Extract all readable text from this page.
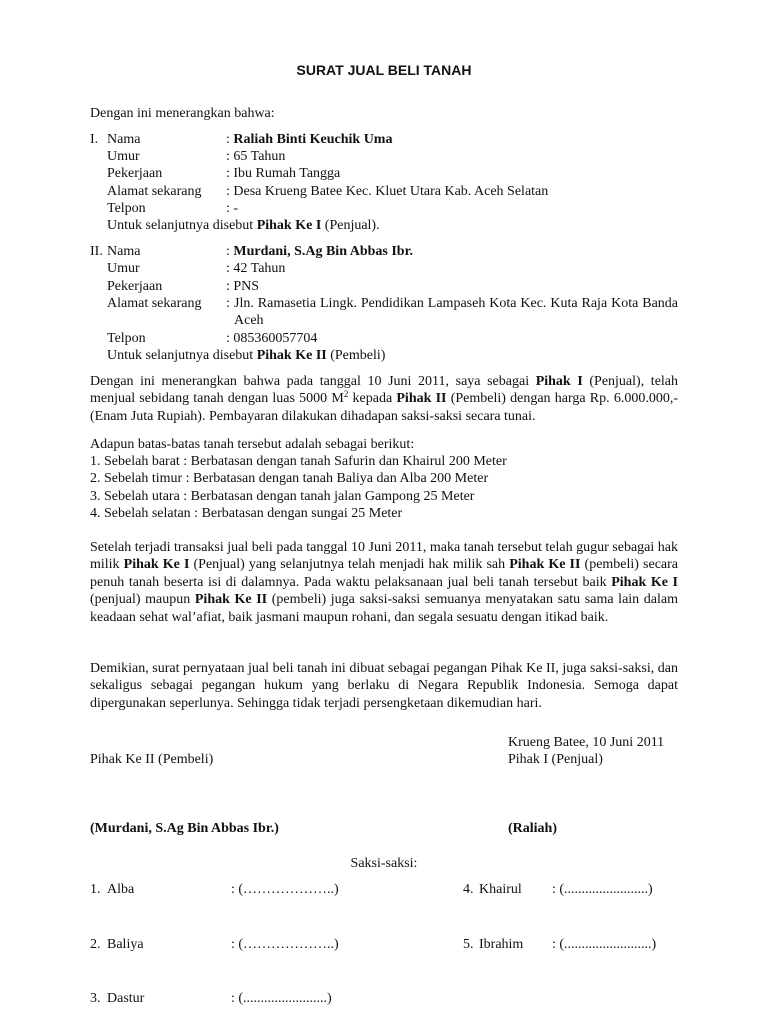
SURAT JUAL BELI TANAH
Dengan ini menerangkan bahwa:
I. Nama	: Raliah Binti Keuchik Uma
Umur	: 65 Tahun
Pekerjaan	: Ibu Rumah Tangga
Alamat sekarang : Desa Krueng Batee Kec. Kluet Utara Kab. Aceh Selatan
Telpon	: -
Untuk selanjutnya disebut Pihak Ke I (Penjual).
II. Nama	: Murdani, S.Ag Bin Abbas Ibr.
Umur	: 42 Tahun
Pekerjaan	: PNS
Alamat sekarang : Jln. Ramasetia Lingk. Pendidikan Lampaseh Kota Kec. Kuta Raja Kota Banda Aceh
Telpon	: 085360057704
Untuk selanjutnya disebut Pihak Ke II (Pembeli)
Dengan ini menerangkan bahwa pada tanggal 10 Juni 2011, saya sebagai Pihak I (Penjual), telah menjual sebidang tanah dengan luas 5000 $M^2$ kepada Pihak II (Pembeli) dengan harga Rp. 6.000.000,- (Enam Juta Rupiah). Pembayaran dilakukan dihadapan saksi-saksi secara tunai.
Adapun batas-batas tanah tersebut adalah sebagai berikut:
1. Sebelah barat : Berbatasan dengan tanah Safurin dan Khairul 200 Meter
2. Sebelah timur : Berbatasan dengan tanah Baliya dan Alba 200 Meter
3. Sebelah utara : Berbatasan dengan tanah jalan Gampong 25 Meter
4. Sebelah selatan : Berbatasan dengan sungai 25 Meter
Setelah terjadi transaksi jual beli pada tanggal 10 Juni 2011, maka tanah tersebut telah gugur sebagai hak milik Pihak Ke I (Penjual) yang selanjutnya telah menjadi hak milik sah Pihak Ke II (pembeli) secara penuh tanah beserta isi di dalamnya. Pada waktu pelaksanaan jual beli tanah tersebut baik Pihak Ke I (penjual) maupun Pihak Ke II (pembeli) juga saksi-saksi semuanya menyatakan satu sama lain dalam keadaan sehat wal’afiat, baik jasmani maupun rohani, dan segala sesuatu dengan itikad baik.
Demikian, surat pernyataan jual beli tanah ini dibuat sebagai pegangan Pihak Ke II, juga saksi-saksi, dan sekaligus sebagai pegangan hukum yang berlaku di Negara Republik Indonesia. Semoga dapat dipergunakan seperlunya. Sehingga tidak terjadi persengketaan dikemudian hari.
Krueng Batee, 10 Juni 2011
Pihak Ke II (Pembeli)	Pihak I (Penjual)
(Murdani, S.Ag Bin Abbas Ibr.)	(Raliah)
Saksi-saksi:
1. Alba	: (………………..)	4. Khairul : (........................)
2. Baliya	: (………………..)	5. Ibrahim : (.........................)
3. Dastur	: (........................)
